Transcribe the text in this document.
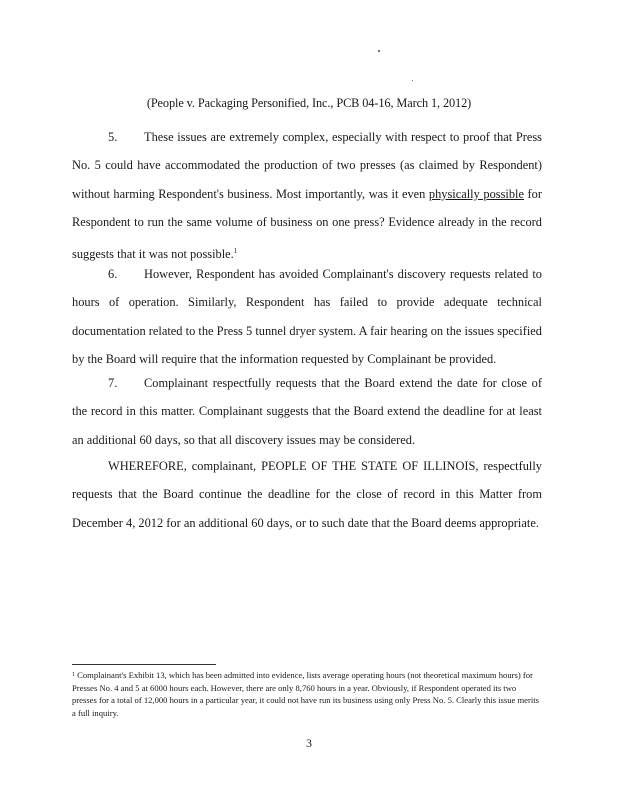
(People v. Packaging Personified, Inc., PCB 04-16, March 1, 2012)

5. These issues are extremely complex, especially with respect to proof that Press No. 5 could have accommodated the production of two presses (as claimed by Respondent) without harming Respondent's business. Most importantly, was it even physically possible for Respondent to run the same volume of business on one press? Evidence already in the record suggests that it was not possible.$^1$

6. However, Respondent has avoided Complainant's discovery requests related to hours of operation. Similarly, Respondent has failed to provide adequate technical documentation related to the Press 5 tunnel dryer system. A fair hearing on the issues specified by the Board will require that the information requested by Complainant be provided.

7. Complainant respectfully requests that the Board extend the date for close of the record in this matter. Complainant suggests that the Board extend the deadline for at least an additional 60 days, so that all discovery issues may be considered.

WHEREFORE, complainant, PEOPLE OF THE STATE OF ILLINOIS, respectfully requests that the Board continue the deadline for the close of record in this Matter from December 4, 2012 for an additional 60 days, or to such date that the Board deems appropriate.

$^1$ Complainant's Exhibit 13, which has been admitted into evidence, lists average operating hours (not theoretical maximum hours) for Presses No. 4 and 5 at 6000 hours each. However, there are only 8,760 hours in a year. Obviously, if Respondent operated its two presses for a total of 12,000 hours in a particular year, it could not have run its business using only Press No. 5. Clearly this issue merits a full inquiry.

3
